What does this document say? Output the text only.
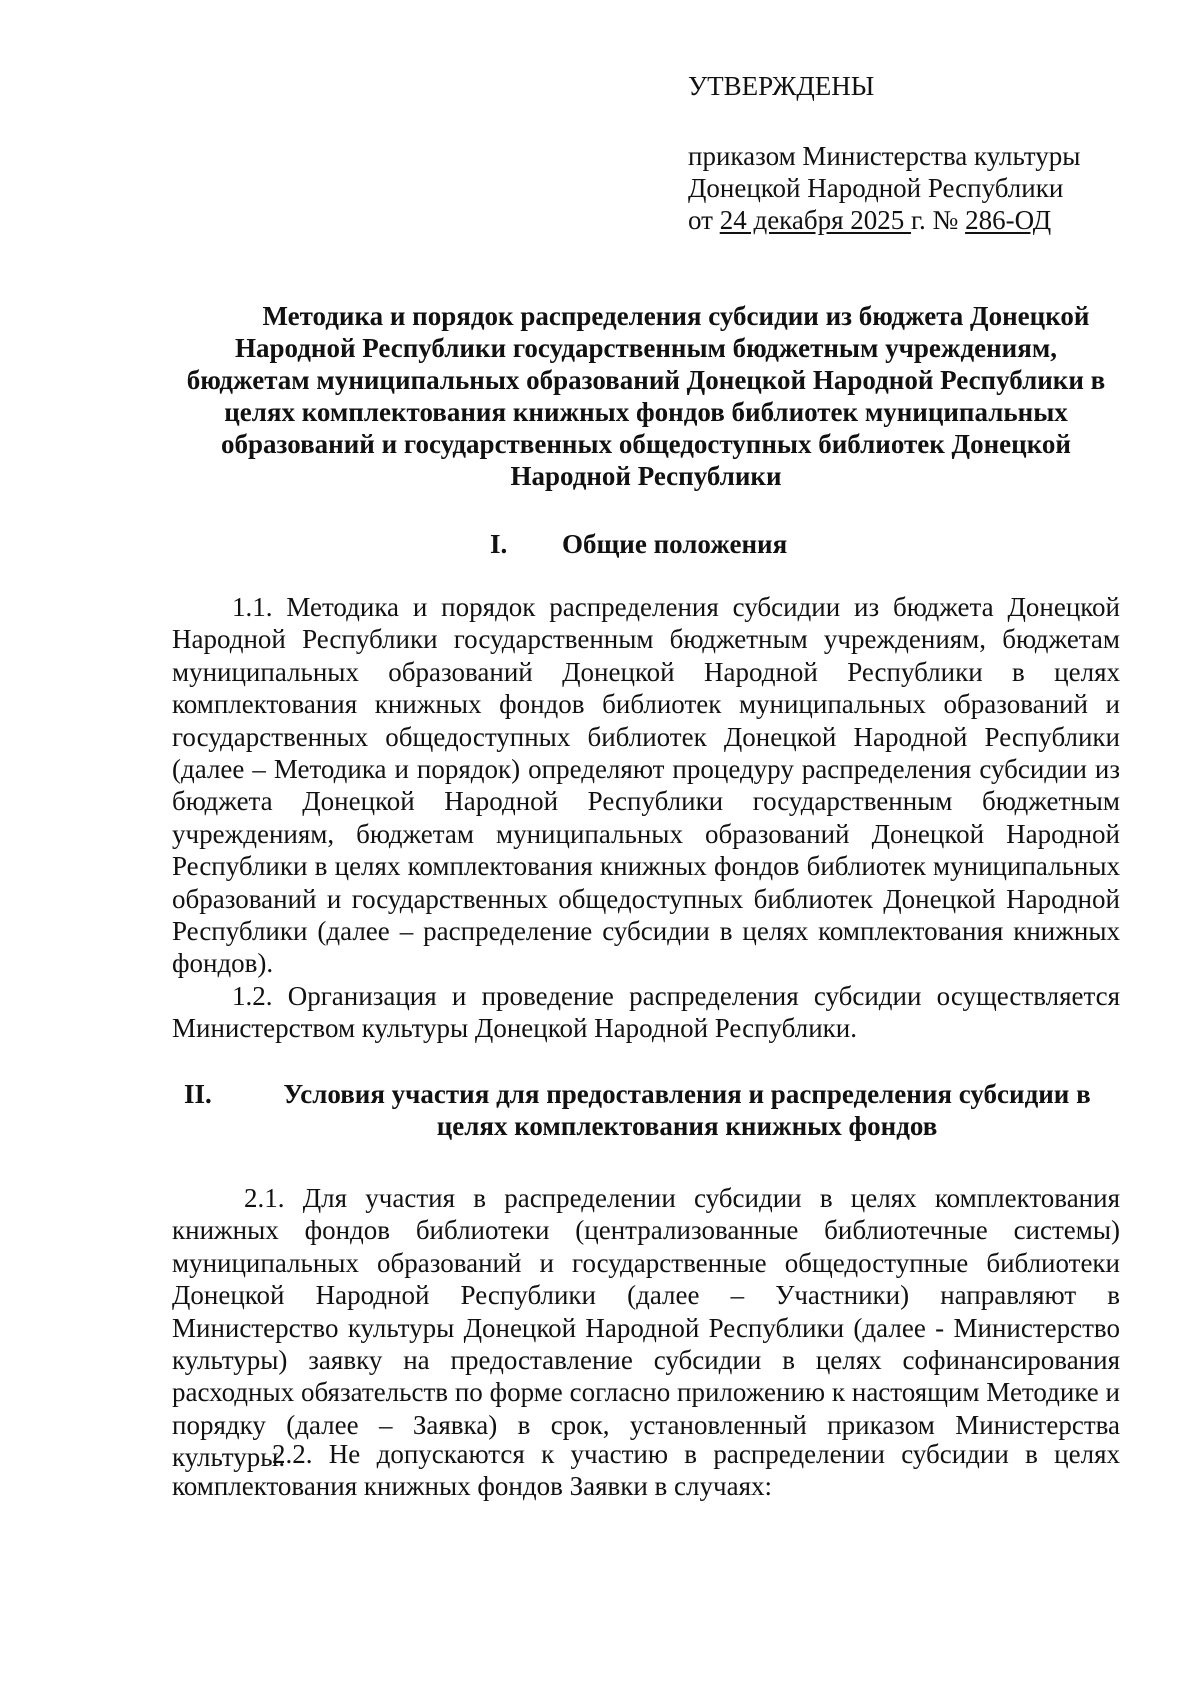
УТВЕРЖДЕНЫ
приказом Министерства культуры
Донецкой Народной Республики
от 24 декабря 2025 г. № 286-ОД

Методика и порядок распределения субсидии из бюджета Донецкой Народной Республики государственным бюджетным учреждениям, бюджетам муниципальных образований Донецкой Народной Республики в целях комплектования книжных фондов библиотек муниципальных образований и государственных общедоступных библиотек Донецкой Народной Республики

I. Общие положения

1.1. Методика и порядок распределения субсидии из бюджета Донецкой Народной Республики государственным бюджетным учреждениям, бюджетам муниципальных образований Донецкой Народной Республики в целях комплектования книжных фондов библиотек муниципальных образований и государственных общедоступных библиотек Донецкой Народной Республики (далее – Методика и порядок) определяют процедуру распределения субсидии из бюджета Донецкой Народной Республики государственным бюджетным учреждениям, бюджетам муниципальных образований Донецкой Народной Республики в целях комплектования книжных фондов библиотек муниципальных образований и государственных общедоступных библиотек Донецкой Народной Республики (далее – распределение субсидии в целях комплектования книжных фондов).

1.2. Организация и проведение распределения субсидии осуществляется Министерством культуры Донецкой Народной Республики.

II.	Условия участия для предоставления и распределения субсидии в целях комплектования книжных фондов

2.1. Для участия в распределении субсидии в целях комплектования книжных фондов библиотеки (централизованные библиотечные системы) муниципальных образований и государственные общедоступные библиотеки Донецкой Народной Республики (далее – Участники) направляют в Министерство культуры Донецкой Народной Республики (далее - Министерство культуры) заявку на предоставление субсидии в целях софинансирования расходных обязательств по форме согласно приложению к настоящим Методике и порядку (далее – Заявка) в срок, установленный приказом Министерства культуры.

2.2. Не допускаются к участию в распределении субсидии в целях комплектования книжных фондов Заявки в случаях:
